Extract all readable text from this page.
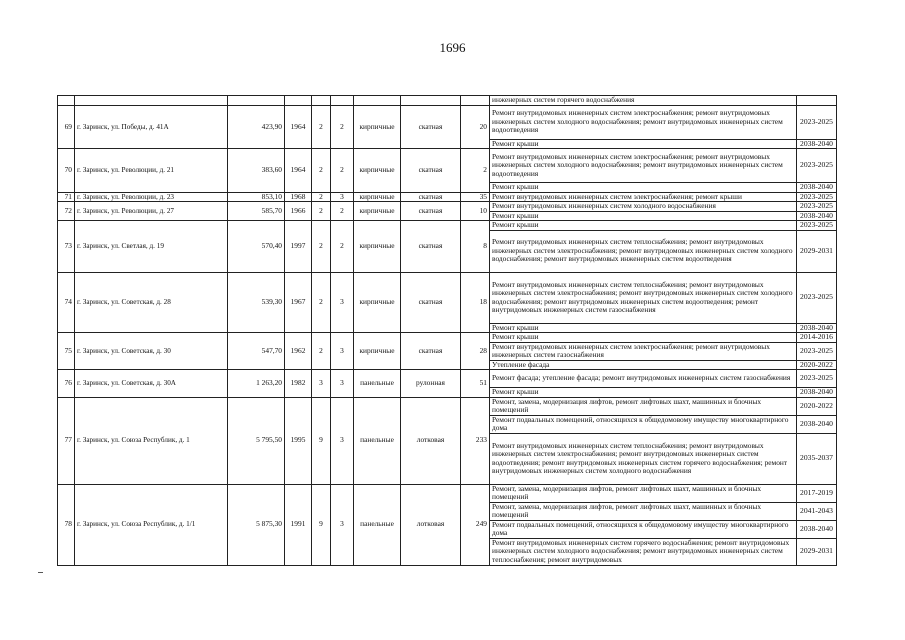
1696
									инженерных систем горячего водоснабжения	
69	г. Заринск, ул. Победы, д. 41А	423,90	1964	2	2	кирпичные	скатная	20	Ремонт внутридомовых инженерных систем электроснабжения; ремонт внутридомовых инженерных систем холодного водоснабжения; ремонт внутридомовых инженерных систем водоотведения	2023-2025
									Ремонт крыши	2038-2040
70	г. Заринск, ул. Революции, д. 21	383,60	1964	2	2	кирпичные	скатная	2	Ремонт внутридомовых инженерных систем электроснабжения; ремонт внутридомовых инженерных систем холодного водоснабжения; ремонт внутридомовых инженерных систем водоотведения	2023-2025
									Ремонт крыши	2038-2040
71	г. Заринск, ул. Революции, д. 23	853,10	1968	2	3	кирпичные	скатная	35	Ремонт внутридомовых инженерных систем электроснабжения; ремонт крыши	2023-2025
72	г. Заринск, ул. Революции, д. 27	585,70	1966	2	2	кирпичные	скатная	10	Ремонт внутридомовых инженерных систем холодного водоснабжения	2023-2025
									Ремонт крыши	2038-2040
73	г. Заринск, ул. Светлая, д. 19	570,40	1997	2	2	кирпичные	скатная	8	Ремонт крыши	2023-2025
									Ремонт внутридомовых инженерных систем теплоснабжения; ремонт внутридомовых инженерных систем электроснабжения; ремонт внутридомовых инженерных систем холодного водоснабжения; ремонт внутридомовых инженерных систем водоотведения	2029-2031
74	г. Заринск, ул. Советская, д. 28	539,30	1967	2	3	кирпичные	скатная	18	Ремонт внутридомовых инженерных систем теплоснабжения; ремонт внутридомовых инженерных систем электроснабжения; ремонт внутридомовых инженерных систем холодного водоснабжения; ремонт внутридомовых инженерных систем водоотведения; ремонт внутридомовых инженерных систем газоснабжения	2023-2025
									Ремонт крыши	2038-2040
75	г. Заринск, ул. Советская, д. 30	547,70	1962	2	3	кирпичные	скатная	28	Ремонт крыши	2014-2016
									Ремонт внутридомовых инженерных систем электроснабжения; ремонт внутридомовых инженерных систем газоснабжения	2023-2025
									Утепление фасада	2020-2022
76	г. Заринск, ул. Советская, д. 30А	1 263,20	1982	3	3	панельные	рулонная	51	Ремонт фасада; утепление фасада; ремонт внутридомовых инженерных систем газоснабжения	2023-2025
									Ремонт крыши	2038-2040
77	г. Заринск, ул. Союза Республик, д. 1	5 795,50	1995	9	3	панельные	лотковая	233	Ремонт, замена, модернизация лифтов, ремонт лифтовых шахт, машинных и блочных помещений	2020-2022
									Ремонт подвальных помещений, относящихся к общедомовому имуществу многоквартирного дома	2038-2040
									Ремонт внутридомовых инженерных систем теплоснабжения; ремонт внутридомовых инженерных систем электроснабжения; ремонт внутридомовых инженерных систем водоотведения; ремонт внутридомовых инженерных систем горячего водоснабжения; ремонт внутридомовых инженерных систем холодного водоснабжения	2035-2037
78	г. Заринск, ул. Союза Республик, д. 1/1	5 875,30	1991	9	3	панельные	лотковая	249	Ремонт, замена, модернизация лифтов, ремонт лифтовых шахт, машинных и блочных помещений	2017-2019
									Ремонт, замена, модернизация лифтов, ремонт лифтовых шахт, машинных и блочных помещений	2041-2043
									Ремонт подвальных помещений, относящихся к общедомовому имуществу многоквартирного дома	2038-2040
									Ремонт внутридомовых инженерных систем горячего водоснабжения; ремонт внутридомовых инженерных систем холодного водоснабжения; ремонт внутридомовых инженерных систем теплоснабжения; ремонт внутридомовых	2029-2031
